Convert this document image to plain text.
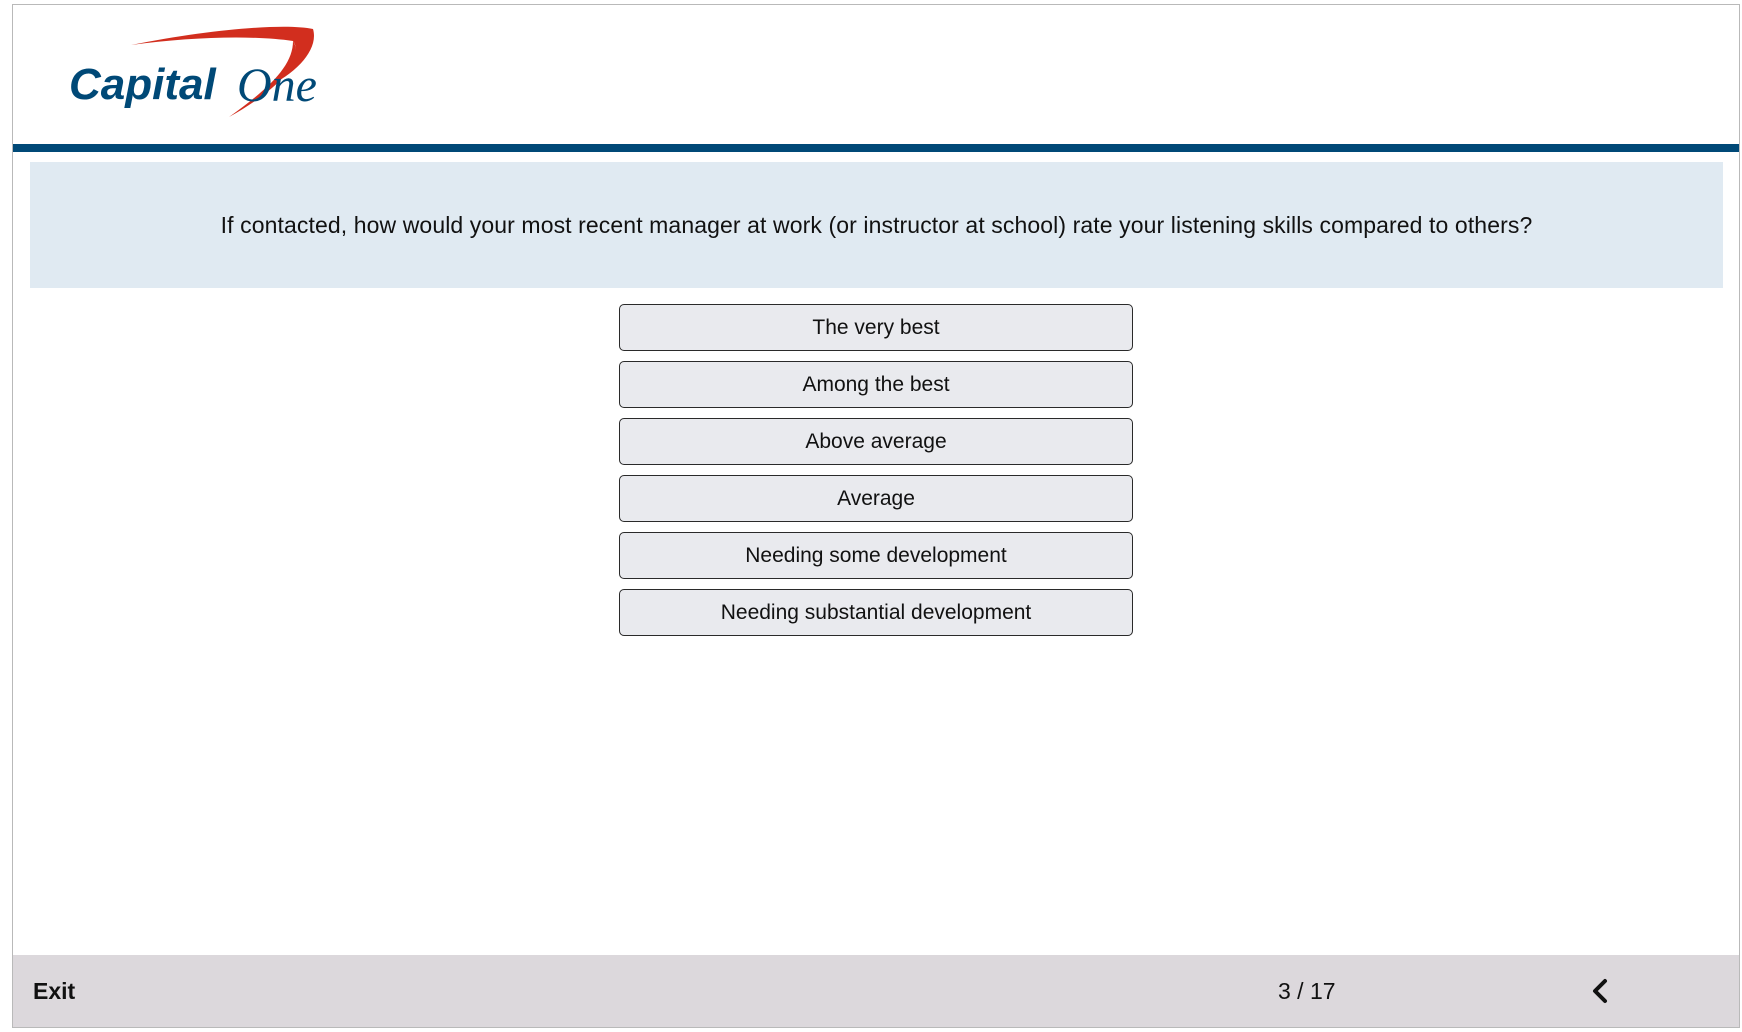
Capital One

If contacted, how would your most recent manager at work (or instructor at school) rate your listening skills compared to others?

The very best
Among the best
Above average
Average
Needing some development
Needing substantial development
Exit	3 / 17
